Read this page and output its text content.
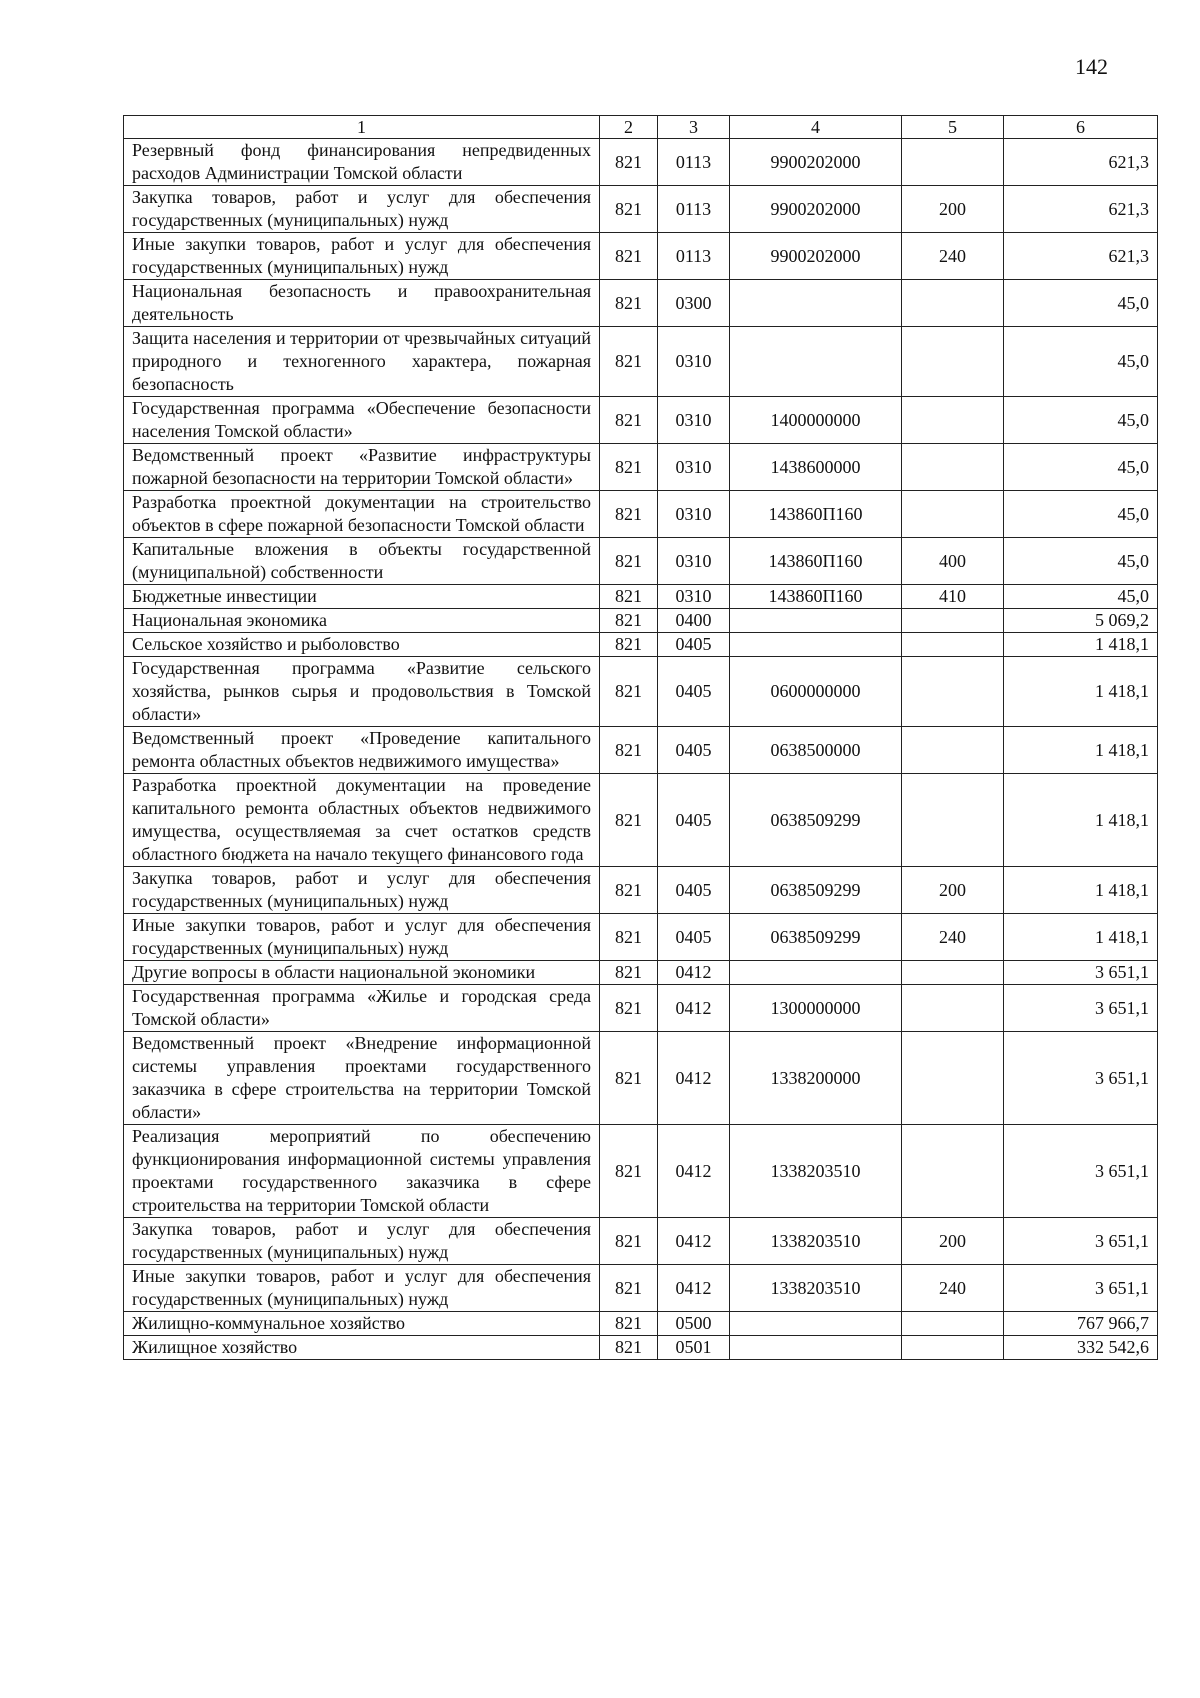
142
1	2	3	4	5	6
Резервный фонд финансирования непредвиденных расходов Администрации Томской области	821	0113	9900202000		621,3
Закупка товаров, работ и услуг для обеспечения государственных (муниципальных) нужд	821	0113	9900202000	200	621,3
Иные закупки товаров, работ и услуг для обеспечения государственных (муниципальных) нужд	821	0113	9900202000	240	621,3
Национальная безопасность и правоохранительная деятельность	821	0300			45,0
Защита населения и территории от чрезвычайных ситуаций природного и техногенного характера, пожарная безопасность	821	0310			45,0
Государственная программа «Обеспечение безопасности населения Томской области»	821	0310	1400000000		45,0
Ведомственный проект «Развитие инфраструктуры пожарной безопасности на территории Томской области»	821	0310	1438600000		45,0
Разработка проектной документации на строительство объектов в сфере пожарной безопасности Томской области	821	0310	143860П160		45,0
Капитальные вложения в объекты государственной (муниципальной) собственности	821	0310	143860П160	400	45,0
Бюджетные инвестиции	821	0310	143860П160	410	45,0
Национальная экономика	821	0400			5 069,2
Сельское хозяйство и рыболовство	821	0405			1 418,1
Государственная программа «Развитие сельского хозяйства, рынков сырья и продовольствия в Томской области»	821	0405	0600000000		1 418,1
Ведомственный проект «Проведение капитального ремонта областных объектов недвижимого имущества»	821	0405	0638500000		1 418,1
Разработка проектной документации на проведение капитального ремонта областных объектов недвижимого имущества, осуществляемая за счет остатков средств областного бюджета на начало текущего финансового года	821	0405	0638509299		1 418,1
Закупка товаров, работ и услуг для обеспечения государственных (муниципальных) нужд	821	0405	0638509299	200	1 418,1
Иные закупки товаров, работ и услуг для обеспечения государственных (муниципальных) нужд	821	0405	0638509299	240	1 418,1
Другие вопросы в области национальной экономики	821	0412			3 651,1
Государственная программа «Жилье и городская среда Томской области»	821	0412	1300000000		3 651,1
Ведомственный проект «Внедрение информационной системы управления проектами государственного заказчика в сфере строительства на территории Томской области»	821	0412	1338200000		3 651,1
Реализация мероприятий по обеспечению функционирования информационной системы управления проектами государственного заказчика в сфере строительства на территории Томской области	821	0412	1338203510		3 651,1
Закупка товаров, работ и услуг для обеспечения государственных (муниципальных) нужд	821	0412	1338203510	200	3 651,1
Иные закупки товаров, работ и услуг для обеспечения государственных (муниципальных) нужд	821	0412	1338203510	240	3 651,1
Жилищно-коммунальное хозяйство	821	0500			767 966,7
Жилищное хозяйство	821	0501			332 542,6
